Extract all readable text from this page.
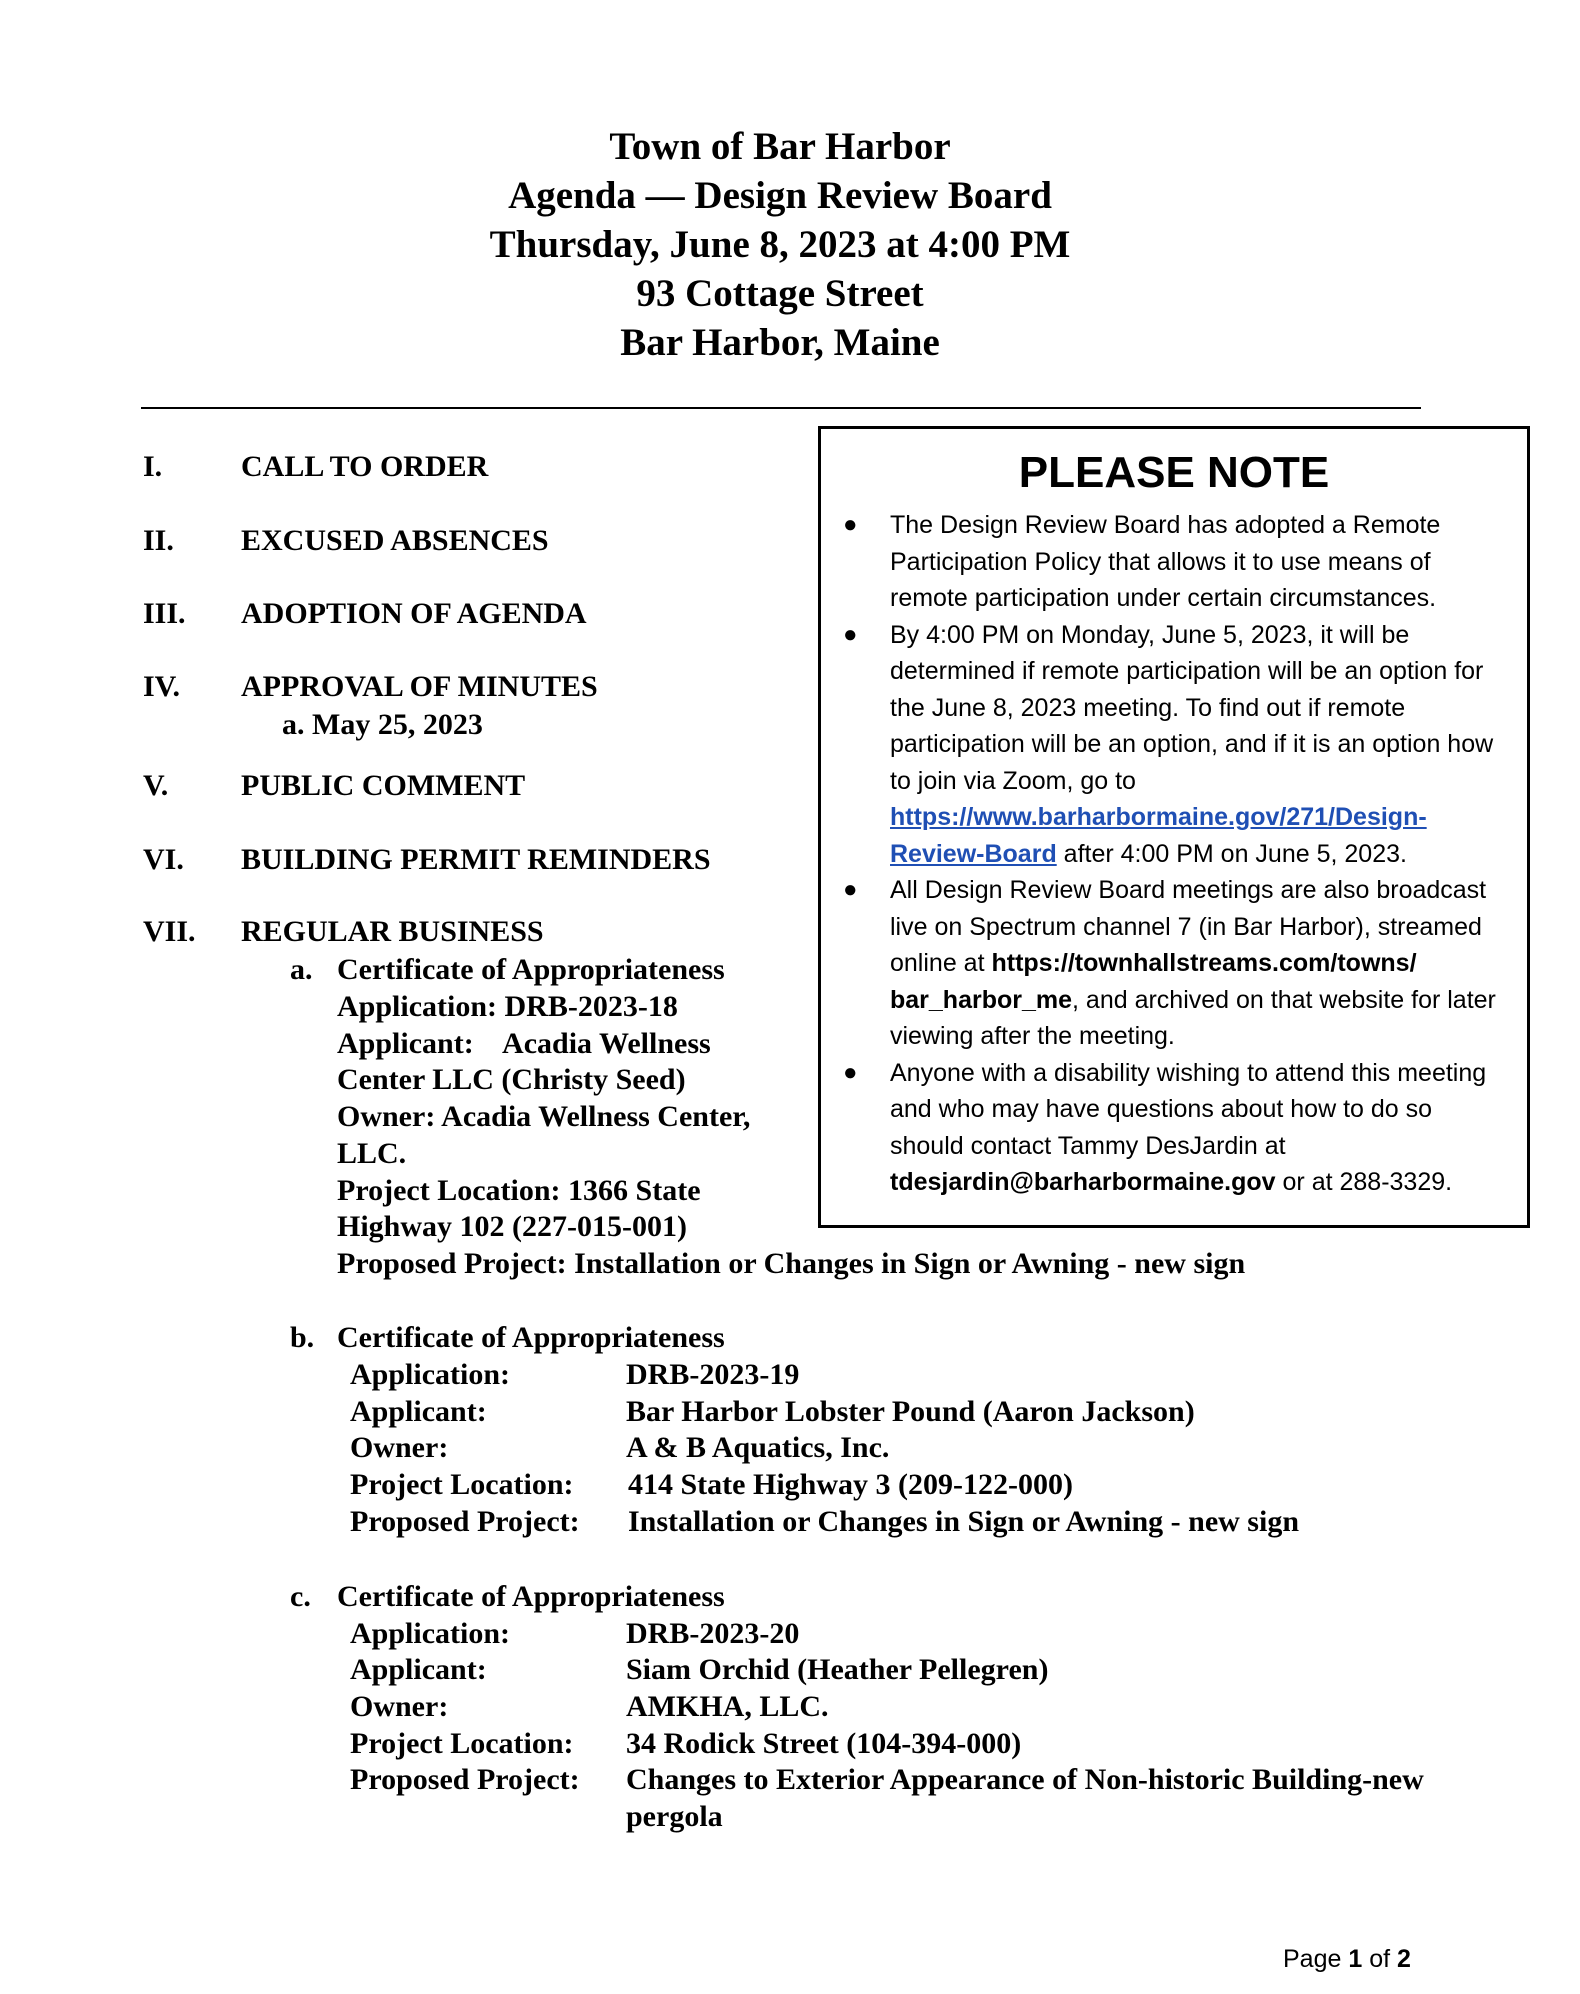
Town of Bar Harbor
Agenda — Design Review Board
Thursday, June 8, 2023 at 4:00 PM
93 Cottage Street
Bar Harbor, Maine
I.	CALL TO ORDER
II. EXCUSED ABSENCES
III. ADOPTION OF AGENDA
IV. APPROVAL OF MINUTES
a. May 25, 2023
V. PUBLIC COMMENT
VI. BUILDING PERMIT REMINDERS
VII. REGULAR BUSINESS
a. Certificate of Appropriateness
Application: DRB-2023-18
Applicant:    Acadia Wellness
Center LLC (Christy Seed)
Owner: Acadia Wellness Center,
LLC.
Project Location: 1366 State
Highway 102 (227-015-001)
Proposed Project: Installation or Changes in Sign or Awning - new sign
PLEASE NOTE
● The Design Review Board has adopted a Remote Participation Policy that allows it to use means of remote participation under certain circumstances.
● By 4:00 PM on Monday, June 5, 2023, it will be determined if remote participation will be an option for the June 8, 2023 meeting. To find out if remote participation will be an option, and if it is an option how to join via Zoom, go to https://www.barharbormaine.gov/271/Design-Review-Board after 4:00 PM on June 5, 2023.
● All Design Review Board meetings are also broadcast live on Spectrum channel 7 (in Bar Harbor), streamed online at https://townhallstreams.com/towns/ bar_harbor_me, and archived on that website for later viewing after the meeting.
● Anyone with a disability wishing to attend this meeting and who may have questions about how to do so should contact Tammy DesJardin at tdesjardin@barharbormaine.gov or at 288-3329.
b. Certificate of Appropriateness
Application:	DRB-2023-19
Applicant:	Bar Harbor Lobster Pound (Aaron Jackson)
Owner:	A & B Aquatics, Inc.
Project Location: 414 State Highway 3 (209-122-000)
Proposed Project: Installation or Changes in Sign or Awning - new sign
c. Certificate of Appropriateness
Application:	DRB-2023-20
Applicant:	Siam Orchid (Heather Pellegren)
Owner:	AMKHA, LLC.
Project Location: 34 Rodick Street (104-394-000)
Proposed Project: Changes to Exterior Appearance of Non-historic Building-new
pergola
Page 1 of 2
